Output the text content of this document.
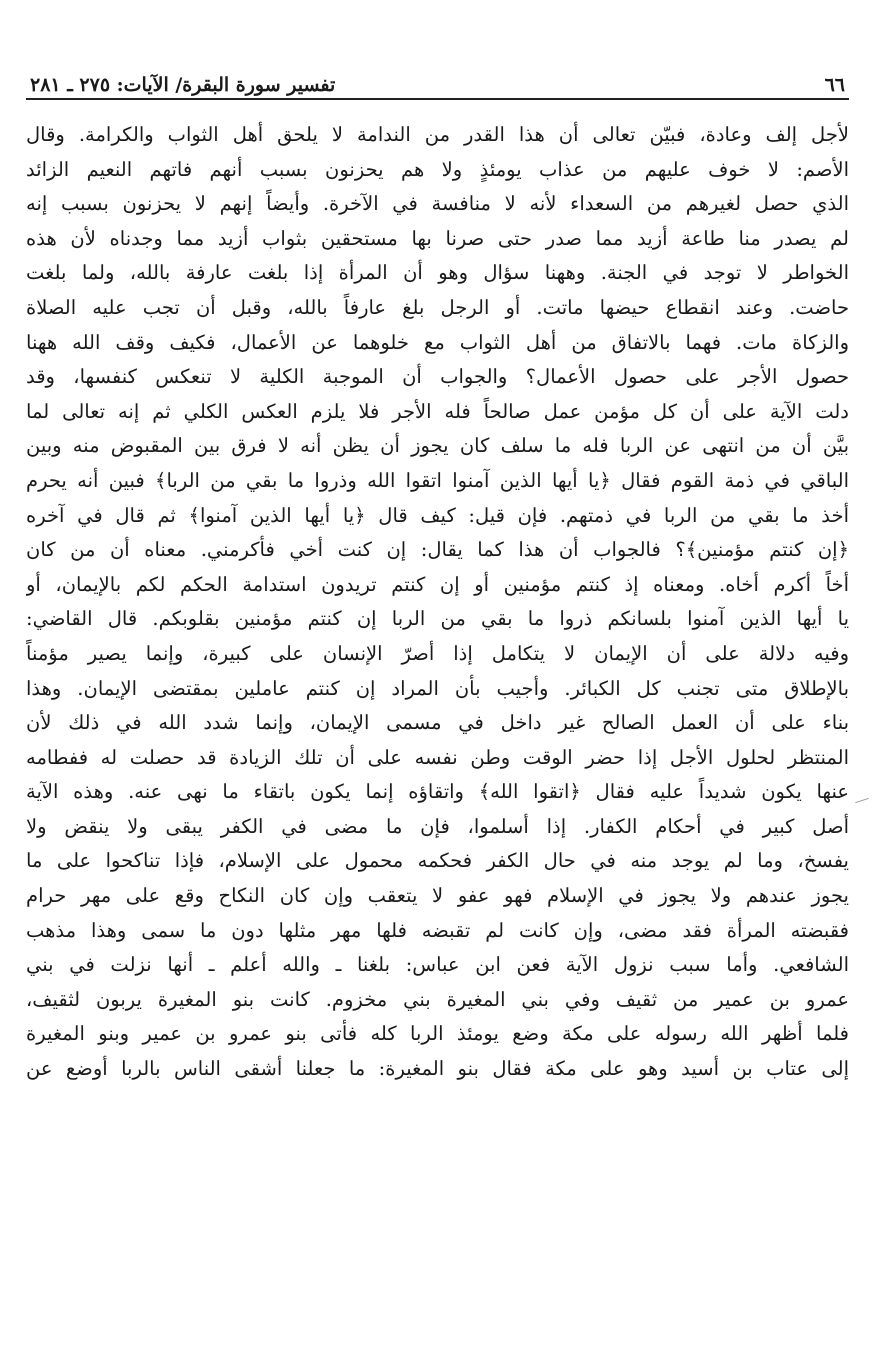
٦٦
تفسير سورة البقرة/ الآيات: ٢٧٥ ـ ٢٨١
لأجل إلف وعادة، فبيّن تعالى أن هذا القدر من الندامة لا يلحق أهل الثواب والكرامة. وقال
الأصم: لا خوف عليهم من عذاب يومئذٍ ولا هم يحزنون بسبب أنهم فاتهم النعيم الزائد
الذي حصل لغيرهم من السعداء لأنه لا منافسة في الآخرة. وأيضاً إنهم لا يحزنون بسبب إنه
لم يصدر منا طاعة أزيد مما صدر حتى صرنا بها مستحقين بثواب أزيد مما وجدناه لأن هذه
الخواطر لا توجد في الجنة. وههنا سؤال وهو أن المرأة إذا بلغت عارفة بالله، ولما بلغت
حاضت. وعند انقطاع حيضها ماتت. أو الرجل بلغ عارفاً بالله، وقبل أن تجب عليه الصلاة
والزكاة مات. فهما بالاتفاق من أهل الثواب مع خلوهما عن الأعمال، فكيف وقف الله ههنا
حصول الأجر على حصول الأعمال؟ والجواب أن الموجبة الكلية لا تنعكس كنفسها، وقد
دلت الآية على أن كل مؤمن عمل صالحاً فله الأجر فلا يلزم العكس الكلي ثم إنه تعالى لما
بيَّن أن من انتهى عن الربا فله ما سلف كان يجوز أن يظن أنه لا فرق بين المقبوض منه وبين
الباقي في ذمة القوم فقال ﴿يا أيها الذين آمنوا اتقوا الله وذروا ما بقي من الربا﴾ فبين أنه يحرم
أخذ ما بقي من الربا في ذمتهم. فإن قيل: كيف قال ﴿يا أيها الذين آمنوا﴾ ثم قال في آخره
﴿إن كنتم مؤمنين﴾؟ فالجواب أن هذا كما يقال: إن كنت أخي فأكرمني. معناه أن من كان
أخاً أكرم أخاه. ومعناه إذ كنتم مؤمنين أو إن كنتم تريدون استدامة الحكم لكم بالإيمان، أو
يا أيها الذين آمنوا بلسانكم ذروا ما بقي من الربا إن كنتم مؤمنين بقلوبكم. قال القاضي:
وفيه دلالة على أن الإيمان لا يتكامل إذا أصرّ الإنسان على كبيرة، وإنما يصير مؤمناً
بالإطلاق متى تجنب كل الكبائر. وأجيب بأن المراد إن كنتم عاملين بمقتضى الإيمان. وهذا
بناء على أن العمل الصالح غير داخل في مسمى الإيمان، وإنما شدد الله في ذلك لأن
المنتظر لحلول الأجل إذا حضر الوقت وطن نفسه على أن تلك الزيادة قد حصلت له ففطامه
عنها يكون شديداً عليه فقال ﴿اتقوا الله﴾ واتقاؤه إنما يكون باتقاء ما نهى عنه. وهذه الآية
أصل كبير في أحكام الكفار. إذا أسلموا، فإن ما مضى في الكفر يبقى ولا ينقض ولا
يفسخ، وما لم يوجد منه في حال الكفر فحكمه محمول على الإسلام، فإذا تناكحوا على ما
يجوز عندهم ولا يجوز في الإسلام فهو عفو لا يتعقب وإن كان النكاح وقع على مهر حرام
فقبضته المرأة فقد مضى، وإن كانت لم تقبضه فلها مهر مثلها دون ما سمى وهذا مذهب
الشافعي. وأما سبب نزول الآية فعن ابن عباس: بلغنا ـ والله أعلم ـ أنها نزلت في بني
عمرو بن عمير من ثقيف وفي بني المغيرة بني مخزوم. كانت بنو المغيرة يربون لثقيف،
فلما أظهر الله رسوله على مكة وضع يومئذ الربا كله فأتى بنو عمرو بن عمير وبنو المغيرة
إلى عتاب بن أسيد وهو على مكة فقال بنو المغيرة: ما جعلنا أشقى الناس بالربا أوضع عن
